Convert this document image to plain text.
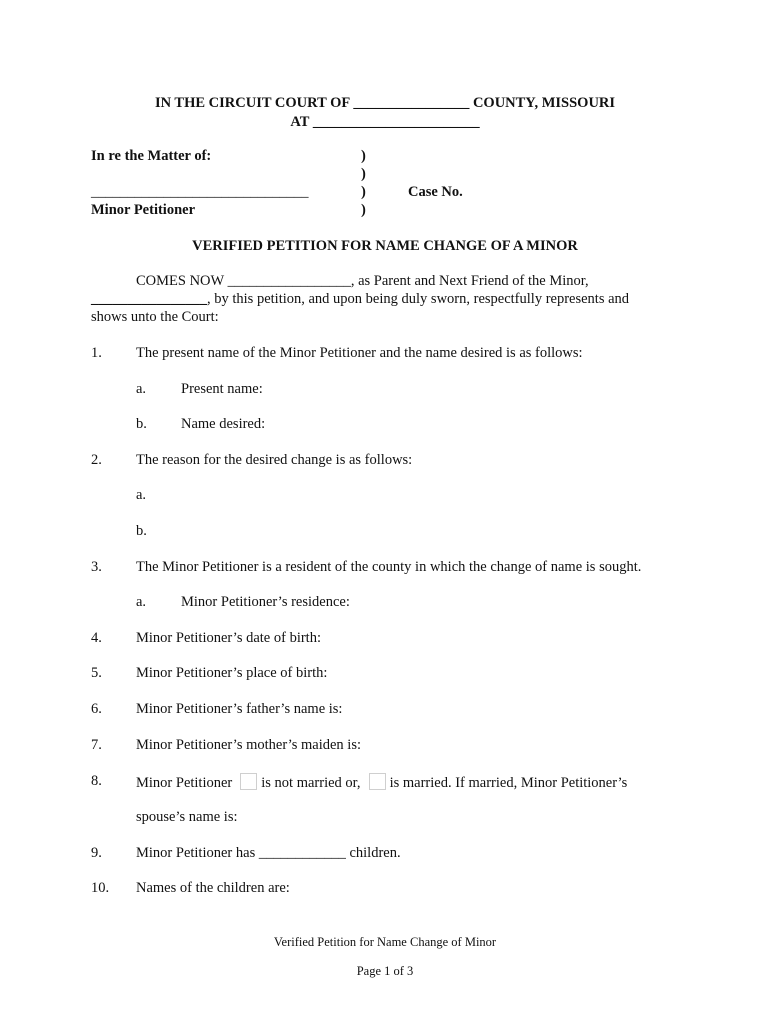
IN THE CIRCUIT COURT OF ________________ COUNTY, MISSOURI
AT _______________________
In re the Matter of:
______________________________
Minor Petitioner
)
)
)
)
Case No.
VERIFIED PETITION FOR NAME CHANGE OF A MINOR
COMES NOW _________________, as Parent and Next Friend of the Minor,
________________, by this petition, and upon being duly sworn, respectfully represents and
shows unto the Court:
1. The present name of the Minor Petitioner and the name desired is as follows:
a. Present name:
b. Name desired:
2. The reason for the desired change is as follows:
a.
b.
3. The Minor Petitioner is a resident of the county in which the change of name is sought.
a. Minor Petitioner’s residence:
4. Minor Petitioner’s date of birth:
5. Minor Petitioner’s place of birth:
6. Minor Petitioner’s father’s name is:
7. Minor Petitioner’s mother’s maiden is:
8. Minor Petitioner is not married or, is married. If married, Minor Petitioner’s
spouse’s name is:
9. Minor Petitioner has ____________ children.
10. Names of the children are:
Verified Petition for Name Change of Minor
Page 1 of 3
